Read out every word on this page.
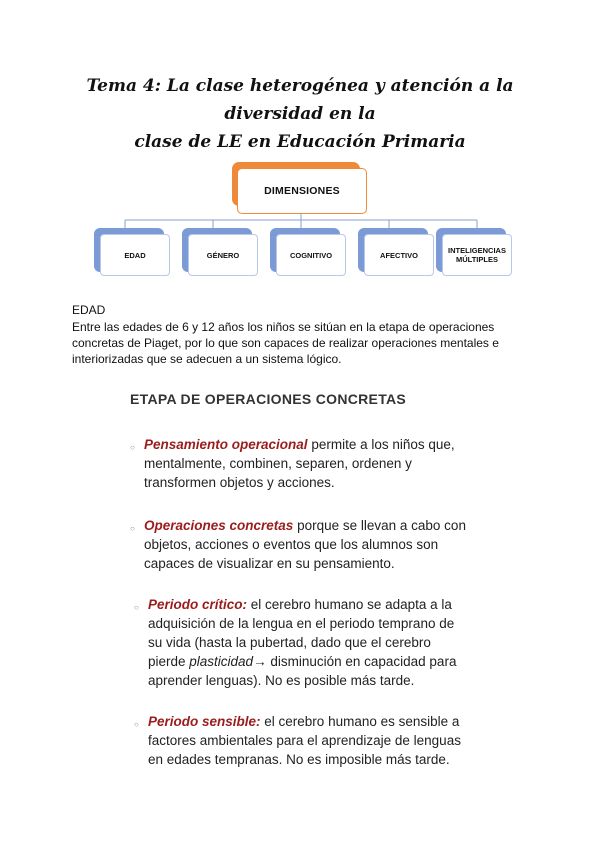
Tema 4: La clase heterogénea y atención a la diversidad en la
clase de LE en Educación Primaria
DIMENSIONES
EDAD	GÉNERO	COGNITIVO	AFECTIVO	INTELIGENCIAS MÚLTIPLES
EDAD
Entre las edades de 6 y 12 años los niños se sitúan en la etapa de operaciones concretas de Piaget, por lo que son capaces de realizar operaciones mentales e interiorizadas que se adecuen a un sistema lógico.
ETAPA DE OPERACIONES CONCRETAS
○ Pensamiento operacional permite a los niños que, mentalmente, combinen, separen, ordenen y transformen objetos y acciones.
○ Operaciones concretas porque se llevan a cabo con objetos, acciones o eventos que los alumnos son capaces de visualizar en su pensamiento.
○ Periodo crítico: el cerebro humano se adapta a la adquisición de la lengua en el periodo temprano de su vida (hasta la pubertad, dado que el cerebro pierde plasticidad→ disminución en capacidad para aprender lenguas). No es posible más tarde.
○ Periodo sensible: el cerebro humano es sensible a factores ambientales para el aprendizaje de lenguas en edades tempranas. No es imposible más tarde.
